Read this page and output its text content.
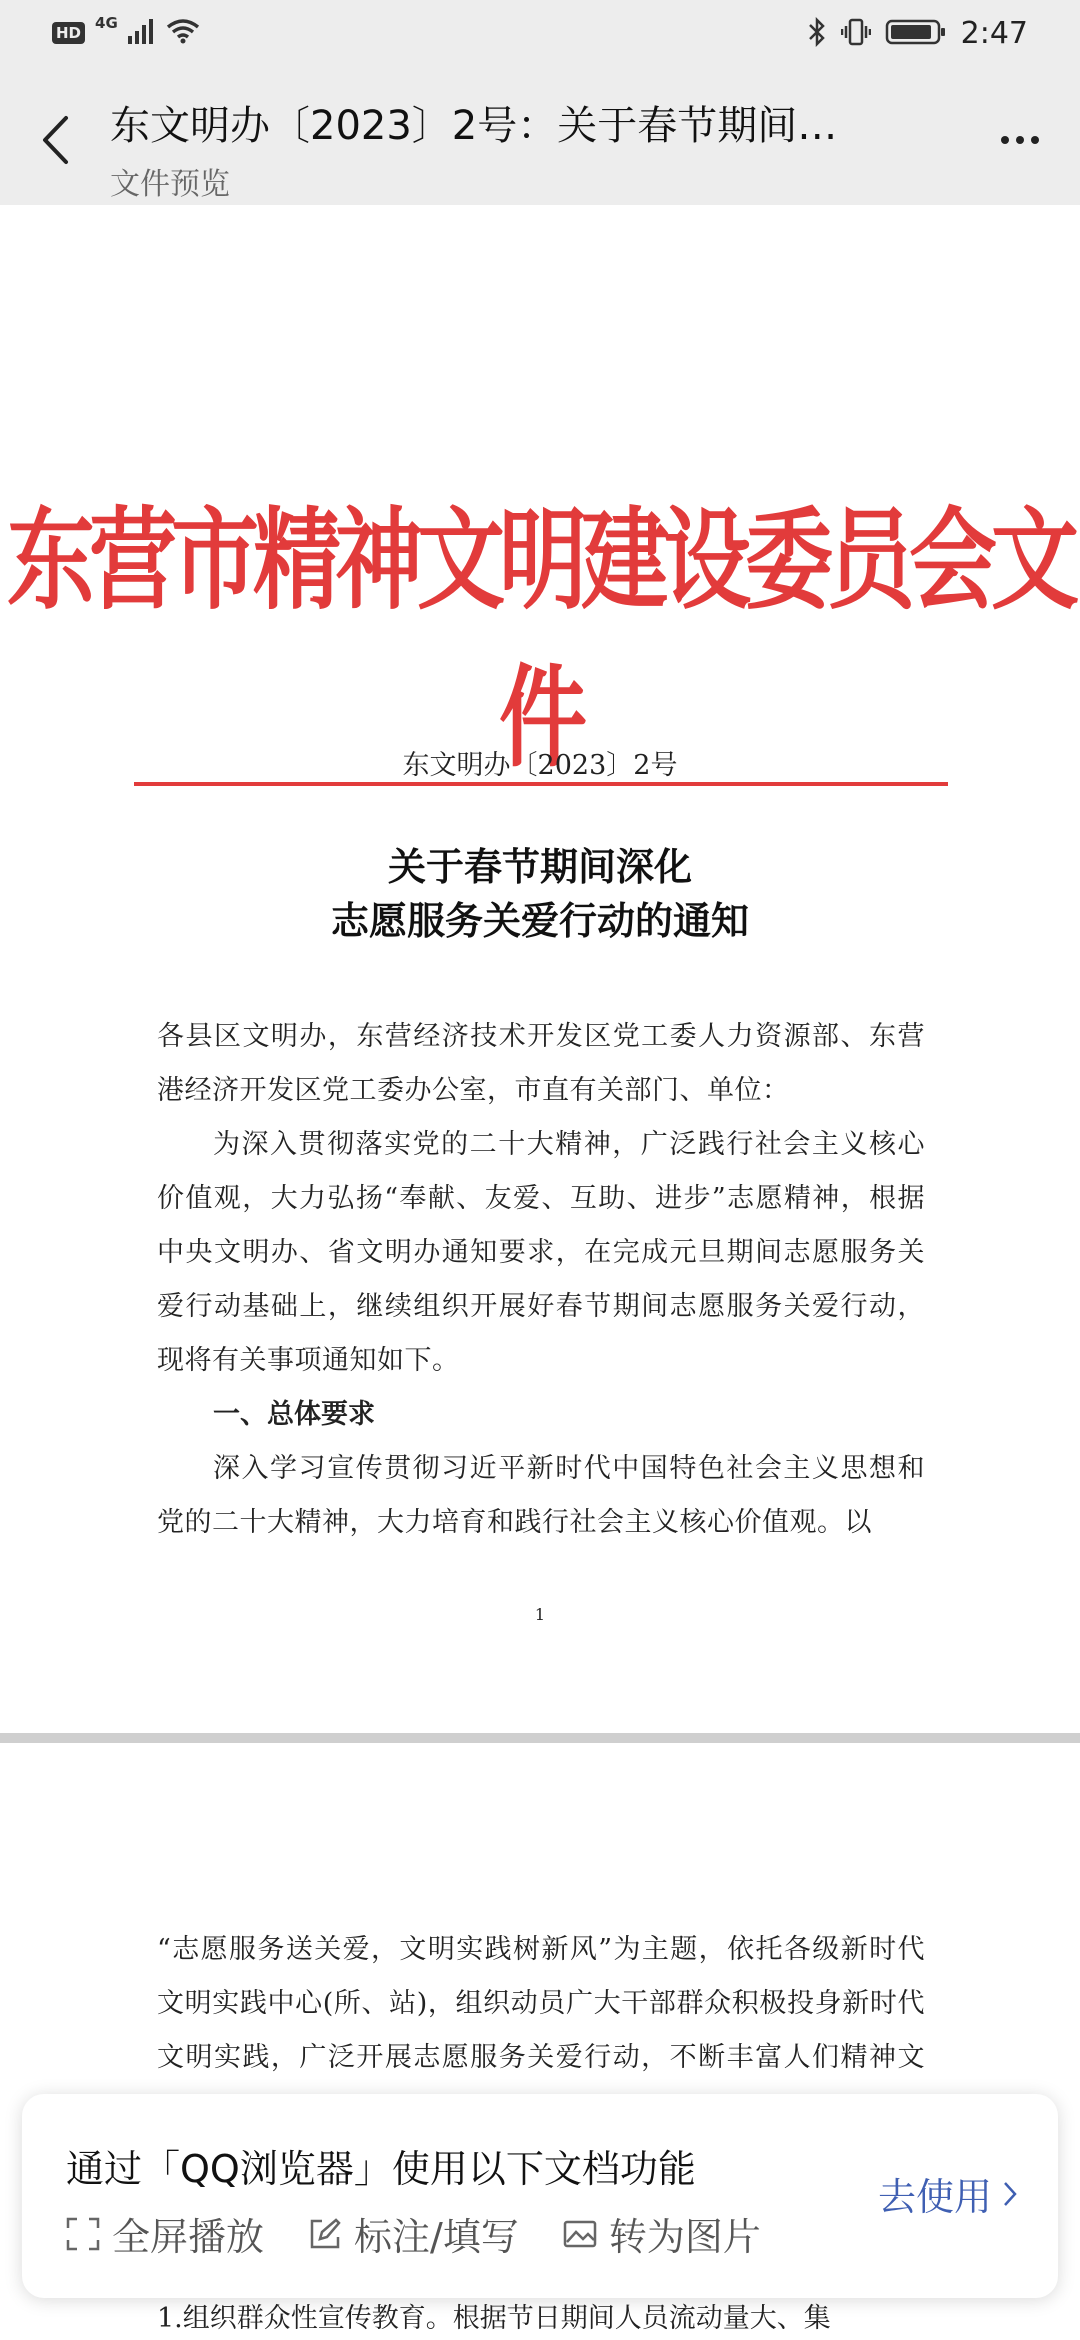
HD
4G	2:47
东文明办〔2023〕2号：关于春节期间…
文件预览
东营市精神文明建设委员会文件
东文明办〔2023〕2号
关于春节期间深化
志愿服务关爱行动的通知

各县区文明办，东营经济技术开发区党工委人力资源部、东营港经济开发区党工委办公室，市直有关部门、单位：

为深入贯彻落实党的二十大精神，广泛践行社会主义核心价值观，大力弘扬“奉献、友爱、互助、进步”志愿精神，根据中央文明办、省文明办通知要求，在完成元旦期间志愿服务关爱行动基础上，继续组织开展好春节期间志愿服务关爱行动，现将有关事项通知如下。

一、总体要求

深入学习宣传贯彻习近平新时代中国特色社会主义思想和党的二十大精神，大力培育和践行社会主义核心价值观。以

1

“志愿服务送关爱，文明实践树新风”为主题，依托各级新时代文明实践中心(所、站)，组织动员广大干部群众积极投身新时代文明实践，广泛开展志愿服务关爱行动，不断丰富人们精神文

1.组织群众性宣传教育。根据节日期间人员流动量大、集
通过「QQ浏览器」使用以下文档功能
全屏播放 标注/填写 转为图片
去使用
